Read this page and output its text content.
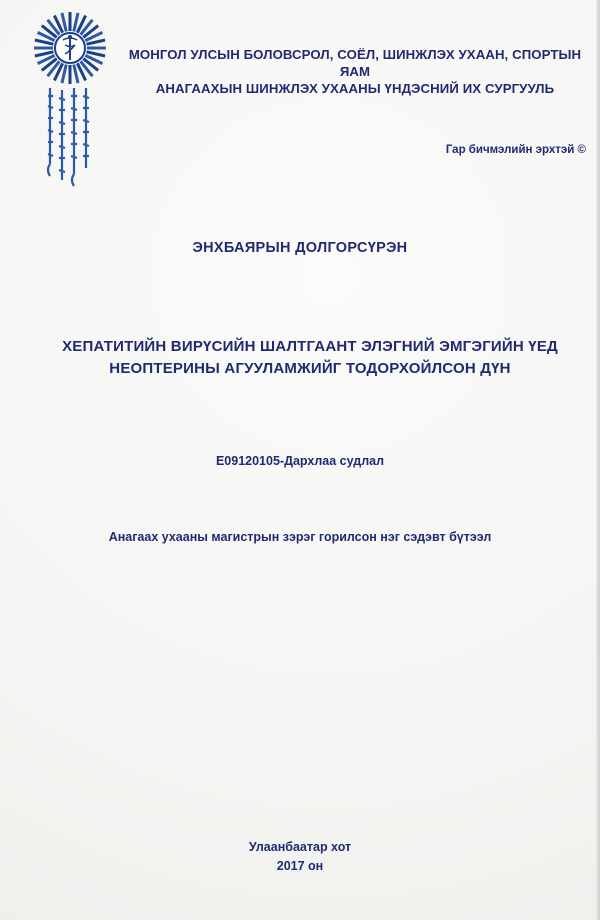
МОНГОЛ УЛСЫН БОЛОВСРОЛ, СОЁЛ, ШИНЖЛЭХ УХААН, СПОРТЫН ЯАМ
АНАГААХЫН ШИНЖЛЭХ УХААНЫ ҮНДЭСНИЙ ИХ СУРГУУЛЬ
Гар бичмэлийн эрхтэй ©
ЭНХБАЯРЫН ДОЛГОРСҮРЭН
ХЕПАТИТИЙН ВИРҮСИЙН ШАЛТГААНТ ЭЛЭГНИЙ ЭМГЭГИЙН ҮЕД
НЕОПТЕРИНЫ АГУУЛАМЖИЙГ ТОДОРХОЙЛСОН ДҮН
Е09120105-Дархлаа судлал
Анагаах ухааны магистрын зэрэг горилсон нэг сэдэвт бүтээл
Улаанбаатар хот
2017 он
